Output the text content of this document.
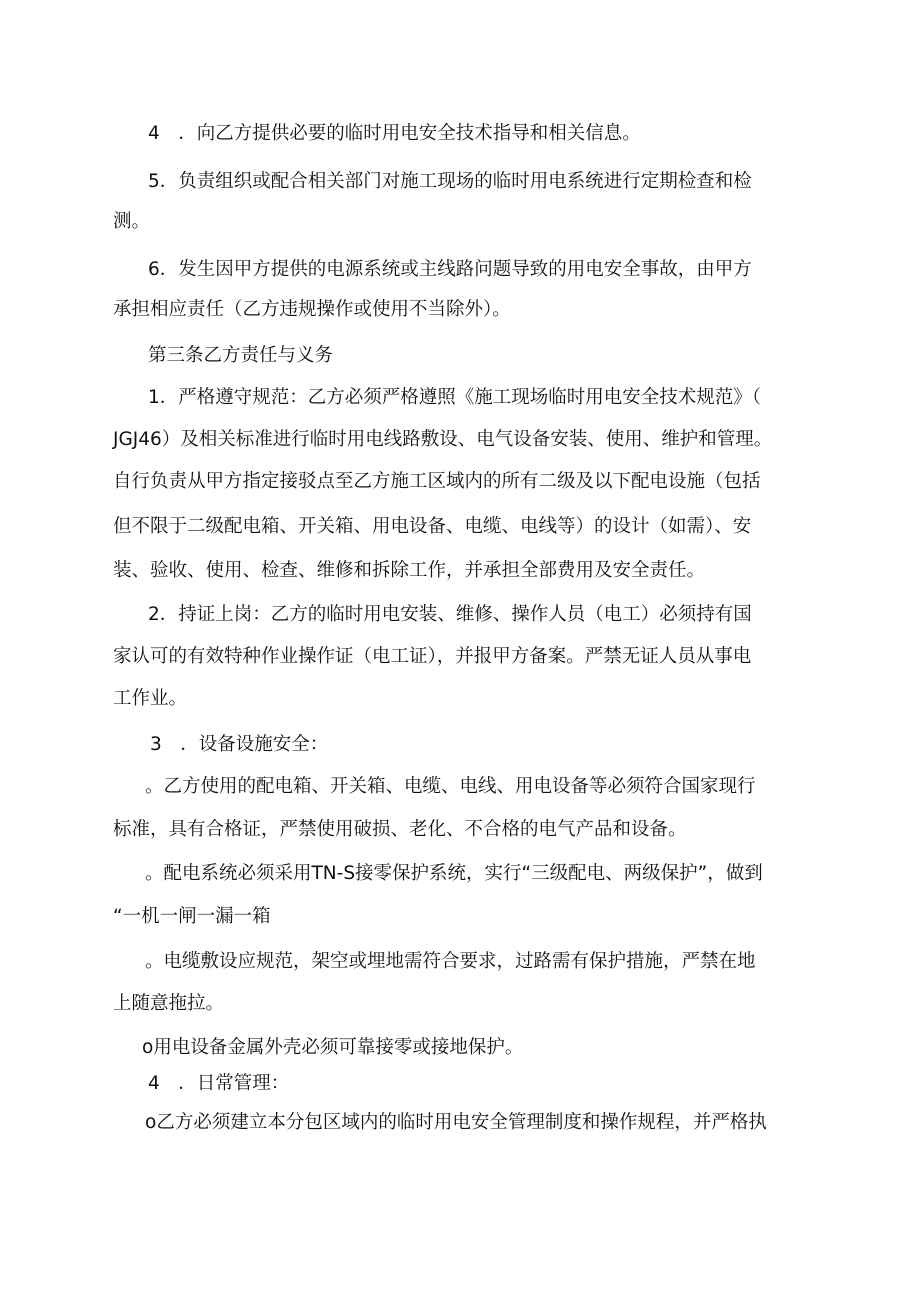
4　．向乙方提供必要的临时用电安全技术指导和相关信息。

5．负责组织或配合相关部门对施工现场的临时用电系统进行定期检查和检

测。

6．发生因甲方提供的电源系统或主线路问题导致的用电安全事故，由甲方

承担相应责任（乙方违规操作或使用不当除外）。

第三条乙方责任与义务

1．严格遵守规范：乙方必须严格遵照《施工现场临时用电安全技术规范》（

JGJ46）及相关标准进行临时用电线路敷设、电气设备安装、使用、维护和管理。

自行负责从甲方指定接驳点至乙方施工区域内的所有二级及以下配电设施（包括

但不限于二级配电箱、开关箱、用电设备、电缆、电线等）的设计（如需）、安

装、验收、使用、检查、维修和拆除工作，并承担全部费用及安全责任。

2．持证上岗：乙方的临时用电安装、维修、操作人员（电工）必须持有国

家认可的有效特种作业操作证（电工证），并报甲方备案。严禁无证人员从事电

工作业。

3　．设备设施安全：

。乙方使用的配电箱、开关箱、电缆、电线、用电设备等必须符合国家现行

标准，具有合格证，严禁使用破损、老化、不合格的电气产品和设备。

。配电系统必须采用TN-S接零保护系统，实行“三级配电、两级保护”，做到

“一机一闸一漏一箱

。电缆敷设应规范，架空或埋地需符合要求，过路需有保护措施，严禁在地

上随意拖拉。

o用电设备金属外壳必须可靠接零或接地保护。

4　．日常管理：

o乙方必须建立本分包区域内的临时用电安全管理制度和操作规程，并严格执
